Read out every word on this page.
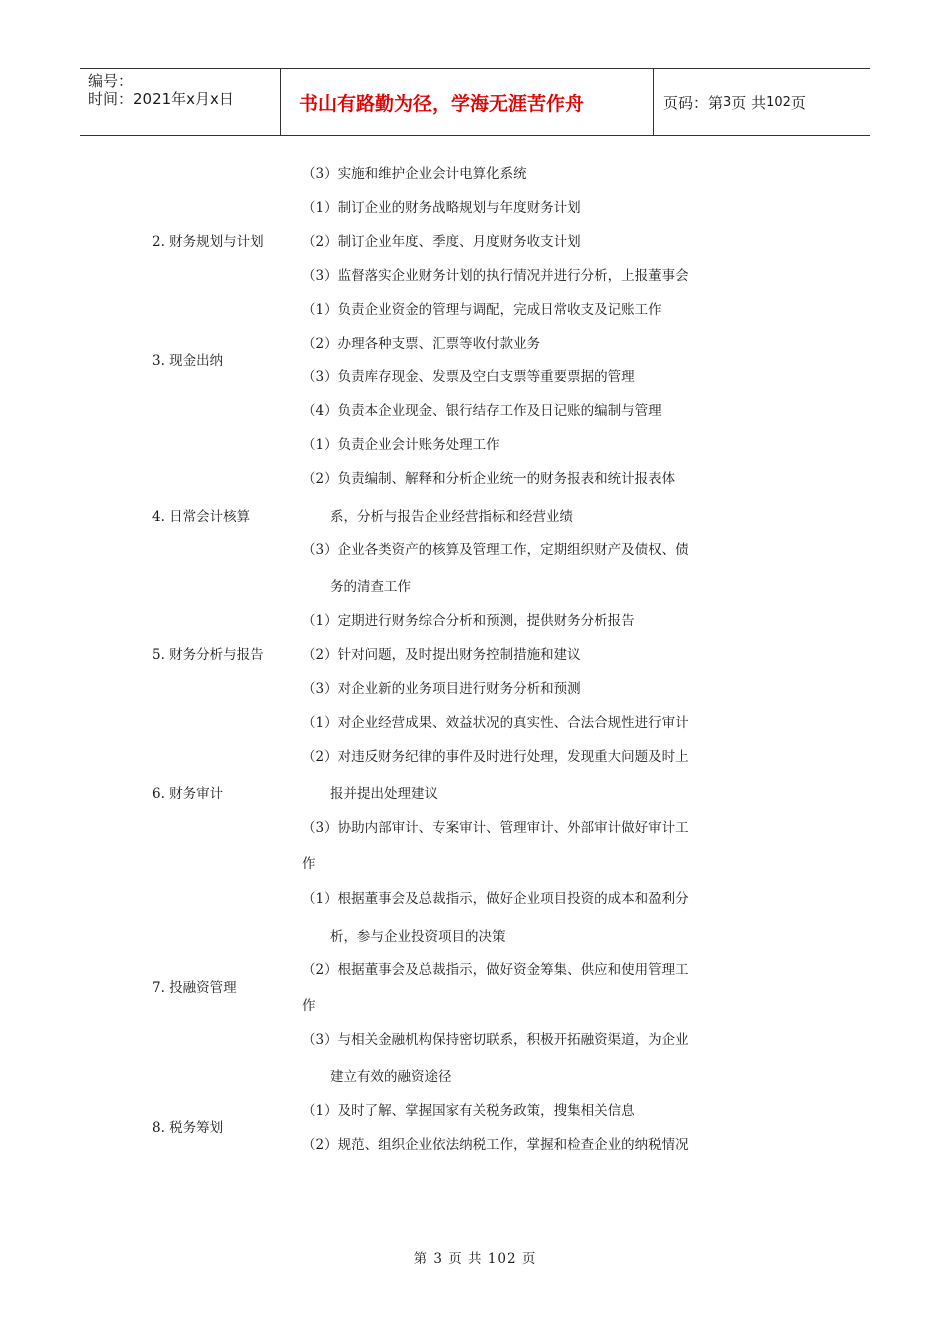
编号：
时间：2021年x月x日	书山有路勤为径，学海无涯苦作舟	页码：第 3 页 共 102 页
2. 财务规划与计划
3. 现金出纳
4. 日常会计核算
5. 财务分析与报告
6. 财务审计
7. 投融资管理
8. 税务筹划
（3）实施和维护企业会计电算化系统
（1）制订企业的财务战略规划与年度财务计划
（2）制订企业年度、季度、月度财务收支计划
（3）监督落实企业财务计划的执行情况并进行分析，上报董事会
（1）负责企业资金的管理与调配，完成日常收支及记账工作
（2）办理各种支票、汇票等收付款业务
（3）负责库存现金、发票及空白支票等重要票据的管理
（4）负责本企业现金、银行结存工作及日记账的编制与管理
（1）负责企业会计账务处理工作
（2）负责编制、解释和分析企业统一的财务报表和统计报表体
系，分析与报告企业经营指标和经营业绩
（3）企业各类资产的核算及管理工作，定期组织财产及债权、债
务的清查工作
（1）定期进行财务综合分析和预测，提供财务分析报告
（2）针对问题，及时提出财务控制措施和建议
（3）对企业新的业务项目进行财务分析和预测
（1）对企业经营成果、效益状况的真实性、合法合规性进行审计
（2）对违反财务纪律的事件及时进行处理，发现重大问题及时上
报并提出处理建议
（3）协助内部审计、专案审计、管理审计、外部审计做好审计工
作
（1）根据董事会及总裁指示，做好企业项目投资的成本和盈利分
析，参与企业投资项目的决策
（2）根据董事会及总裁指示，做好资金筹集、供应和使用管理工
作
（3）与相关金融机构保持密切联系，积极开拓融资渠道，为企业
建立有效的融资途径
（1）及时了解、掌握国家有关税务政策，搜集相关信息
（2）规范、组织企业依法纳税工作，掌握和检查企业的纳税情况
第 3 页 共 102 页
